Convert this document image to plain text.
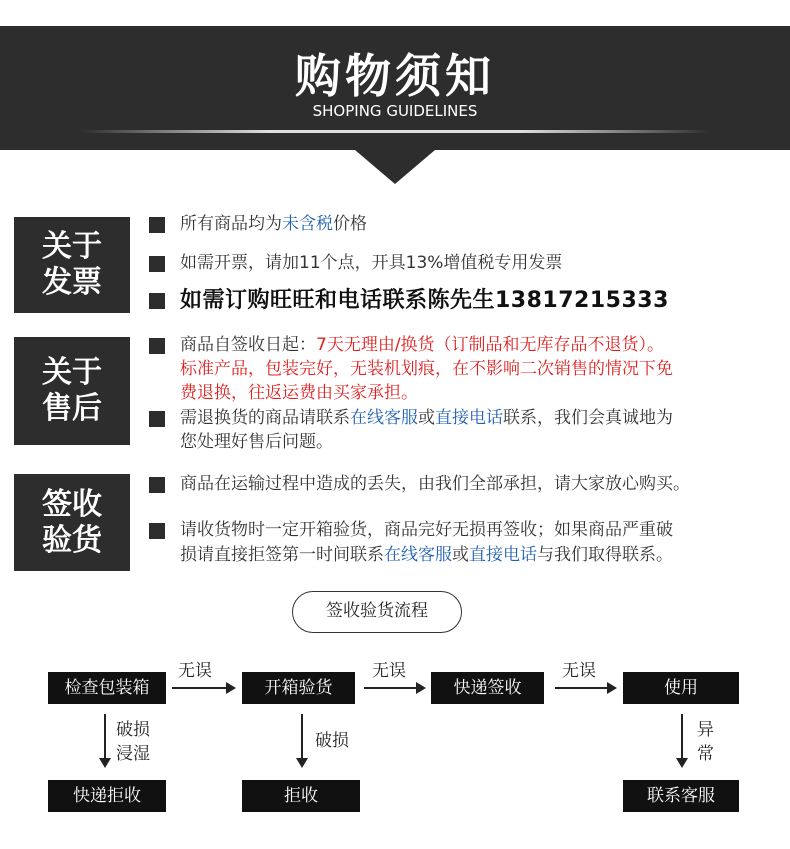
购物须知
SHOPING GUIDELINES
关于
发票
所有商品均为未含税价格
如需开票，请加11个点，开具13%增值税专用发票
如需订购旺旺和电话联系陈先生13817215333
关于
售后
商品自签收日起：7天无理由/换货（订制品和无库存品不退货）。
标准产品，包装完好，无装机划痕，在不影响二次销售的情况下免
费退换，往返运费由买家承担。
需退换货的商品请联系在线客服或直接电话联系，我们会真诚地为
您处理好售后问题。
签收
验货
商品在运输过程中造成的丢失，由我们全部承担，请大家放心购买。
请收货物时一定开箱验货，商品完好无损再签收；如果商品严重破
损请直接拒签第一时间联系在线客服或直接电话与我们取得联系。
签收验货流程
检查包装箱	开箱验货	快递签收	使用
无误	无误	无误
破损
浸湿
破损
异
常
快递拒收	拒收	联系客服
